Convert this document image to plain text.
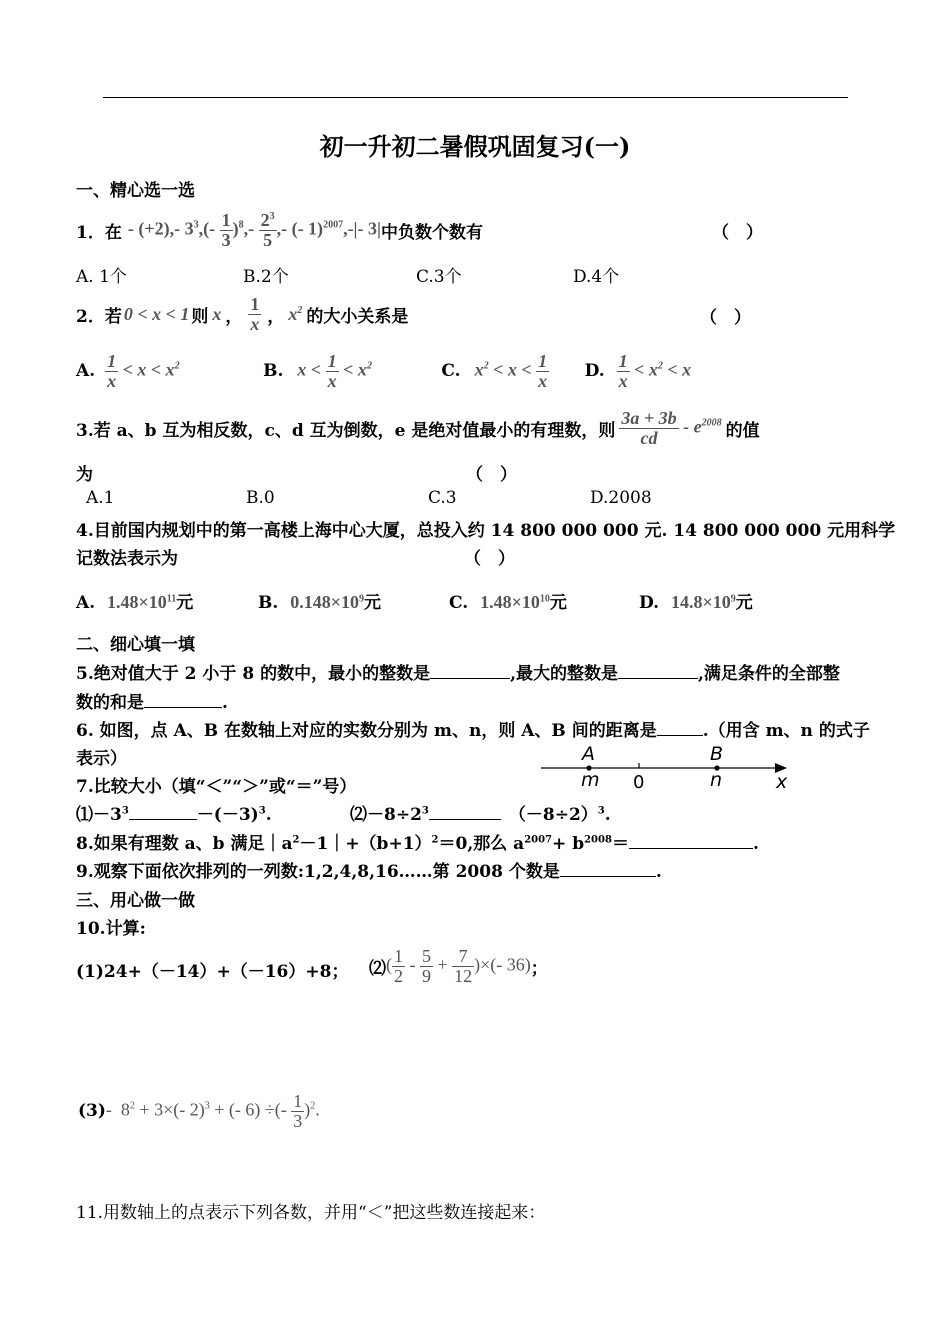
初一升初二暑假巩固复习(一)
一、精心选一选
1．在 - (+2),- $3^3,(- \frac{1}{3} )^8,- \frac{2^3}{5}$ ,- (- 1)$^{2007}$,-|- 3| 中负数个数有	（　）
A. 1个	B.2个	C.3个	D.4个
2．若 0 < x < 1 则 x ， $\frac{1}{x}$ ， $x^2$ 的大小关系是	（　）
A. $\frac{1}{x} < x < x^2$	B. $x < \frac{1}{x} < x^2$	C. $x^2 < x < \frac{1}{x} D$. $\frac{1}{x} < x^2 < x$
3.若 a、b 互为相反数，c、d 互为倒数，e 是绝对值最小的有理数，则 $\frac{3a + 3b}{cd} - e^{2008}$ 的值
为	（　）
A.1	B.0	C.3	D.2008
4.目前国内规划中的第一高楼上海中心大厦，总投入约 14 800 000 000 元. 14 800 000 000 元用科学
记数法表示为	（　）
A. $1.48\times 10^{11}$元	B. $0.148\times 10^9$元	C. $1.48\times 10^{10}$元	D. $14.8\times 10^9$元
二、细心填一填
5.绝对值大于 2 小于 8 的数中，最小的整数是	,最大的整数是	,满足条件的全部整
数的和是	.
6. 如图，点 A、B 在数轴上对应的实数分别为 m、n，则 A、B 间的距离是	.（用含 m、n 的式子
表示）	A	B
m 0	n	x
7.比较大小（填“＜”“＞”或“＝”号）
$⑴-3^3$	$-(-3)^3$.	$⑵-8\div 2^3$	$(-8\div 2)^3$.
8.如果有理数 a、b 满足$|a^2-1|+(b+1)^2=0$,那么 $a^{2007}+ b^{2008}=$	.
9.观察下面依次排列的一列数:1,2,4,8,16……第 2008 个数是	.
三、用心做一做
10.计算:
(1)24+（－14）+（－16）+8； ⑵ ( $\frac{1}{2} - \frac{5}{9} + \frac{7}{12}$ )×(- 36) ；
$(3) - 8^2 + 3\times(-$ 2)$^3$ + (- 6) ÷(- $\frac{1}{3} )^2$.
11.用数轴上的点表示下列各数，并用“＜”把这些数连接起来：
